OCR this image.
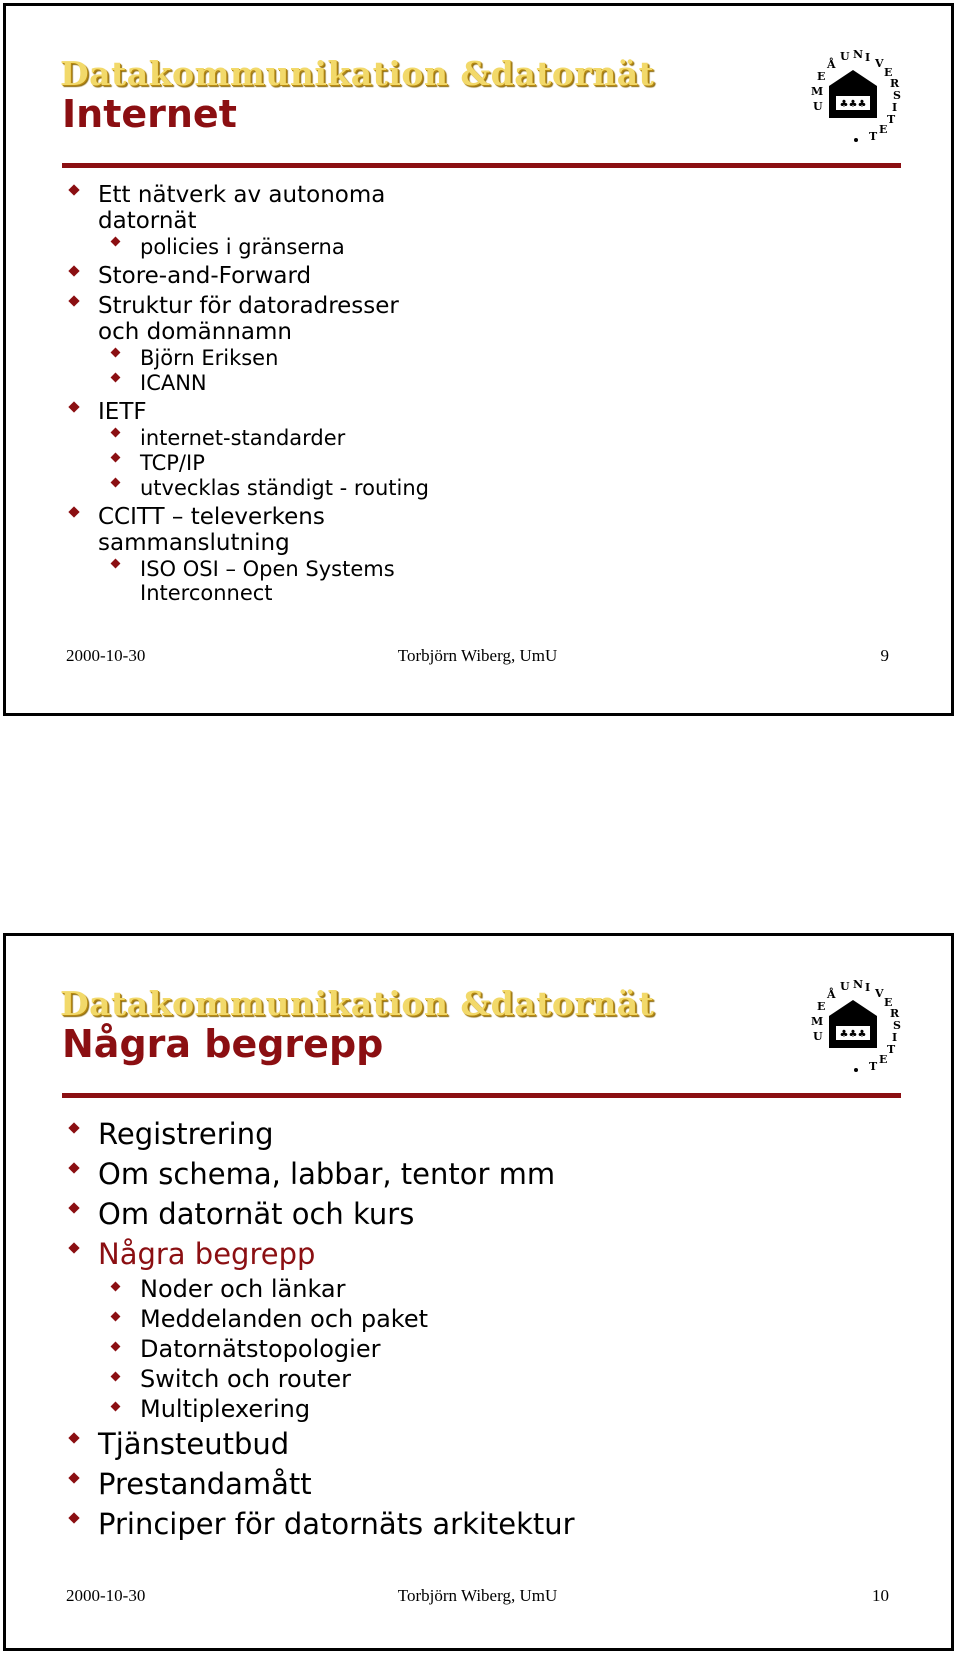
Datakommunikation &datornät
Internet	U
M
E
Å
U N I V
E
R
S
I
T
E
T
♣♣♣
Ett nätverk av autonoma
datornät
policies i gränserna
Store-and-Forward
Struktur för datoradresser
och domännamn
Björn Eriksen
ICANN
IETF
internet-standarder
TCP/IP
utvecklas ständigt - routing
CCITT – televerkens
sammanslutning
ISO OSI – Open Systems
Interconnect
2000-10-30	Torbjörn Wiberg, UmU	9
Datakommunikation &datornät
Några begrepp	U
M
E
Å
U N I V
E
R
S
I
T
E
T
♣♣♣
Registrering
Om schema, labbar, tentor mm
Om datornät och kurs
Några begrepp
Noder och länkar
Meddelanden och paket
Datornätstopologier
Switch och router
Multiplexering
Tjänsteutbud
Prestandamått
Principer för datornäts arkitektur
2000-10-30	Torbjörn Wiberg, UmU	10
